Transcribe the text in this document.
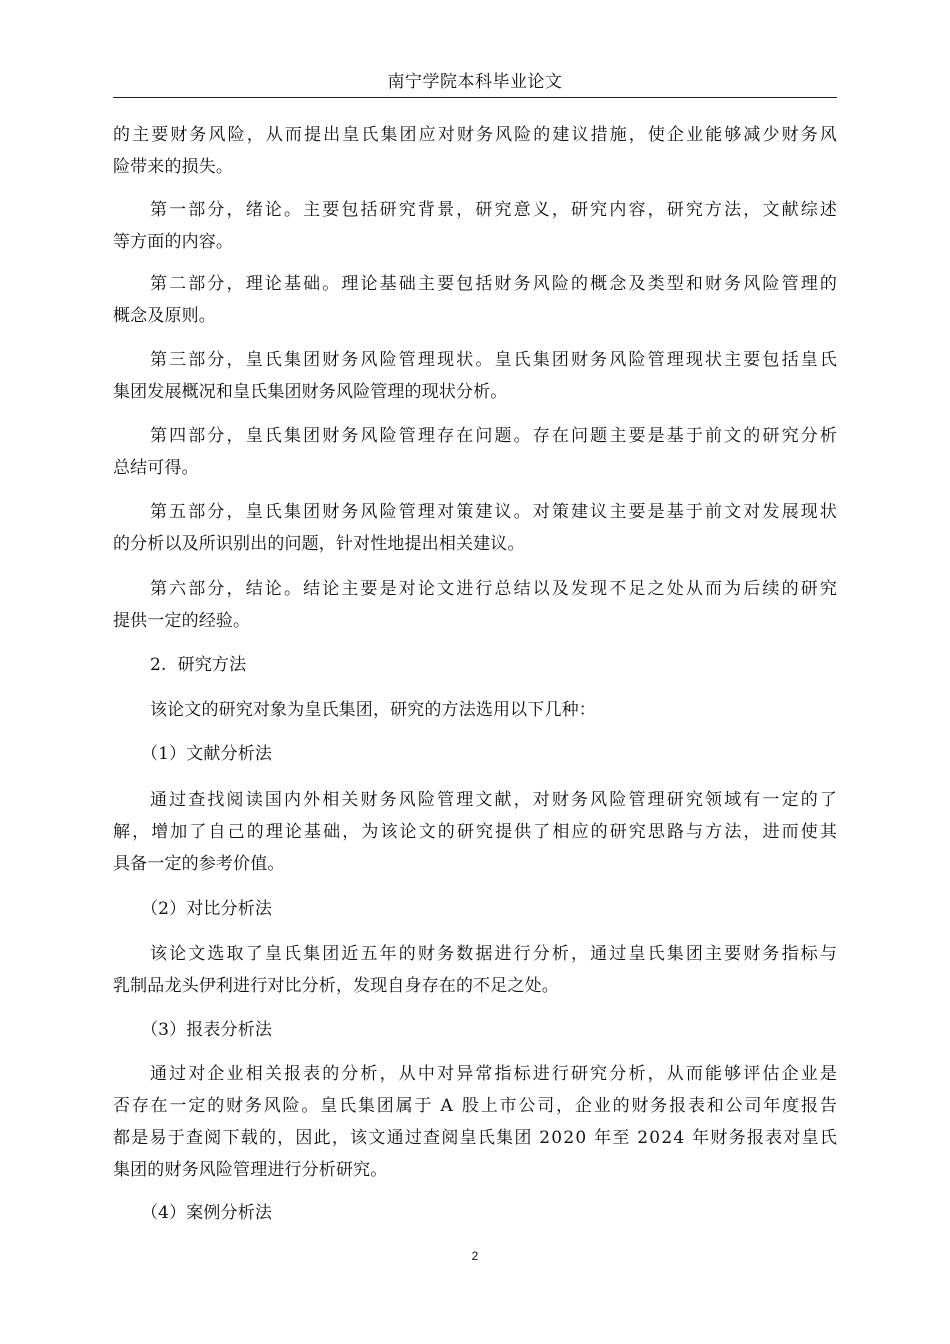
南宁学院本科毕业论文
的主要财务风险，从而提出皇氏集团应对财务风险的建议措施，使企业能够减少财务风
险带来的损失。
第一部分，绪论。主要包括研究背景，研究意义，研究内容，研究方法，文献综述
等方面的内容。
第二部分，理论基础。理论基础主要包括财务风险的概念及类型和财务风险管理的
概念及原则。
第三部分，皇氏集团财务风险管理现状。皇氏集团财务风险管理现状主要包括皇氏
集团发展概况和皇氏集团财务风险管理的现状分析。
第四部分，皇氏集团财务风险管理存在问题。存在问题主要是基于前文的研究分析
总结可得。
第五部分，皇氏集团财务风险管理对策建议。对策建议主要是基于前文对发展现状
的分析以及所识别出的问题，针对性地提出相关建议。
第六部分，结论。结论主要是对论文进行总结以及发现不足之处从而为后续的研究
提供一定的经验。
2.  研究方法
该论文的研究对象为皇氏集团，研究的方法选用以下几种：
（1）文献分析法
通过查找阅读国内外相关财务风险管理文献，对财务风险管理研究领域有一定的了
解，增加了自己的理论基础，为该论文的研究提供了相应的研究思路与方法，进而使其
具备一定的参考价值。
（2）对比分析法
该论文选取了皇氏集团近五年的财务数据进行分析，通过皇氏集团主要财务指标与
乳制品龙头伊利进行对比分析，发现自身存在的不足之处。
（3）报表分析法
通过对企业相关报表的分析，从中对异常指标进行研究分析，从而能够评估企业是
否存在一定的财务风险。皇氏集团属于 A 股上市公司，企业的财务报表和公司年度报告
都是易于查阅下载的，因此，该文通过查阅皇氏集团 2020 年至 2024 年财务报表对皇氏
集团的财务风险管理进行分析研究。
（4）案例分析法
2
